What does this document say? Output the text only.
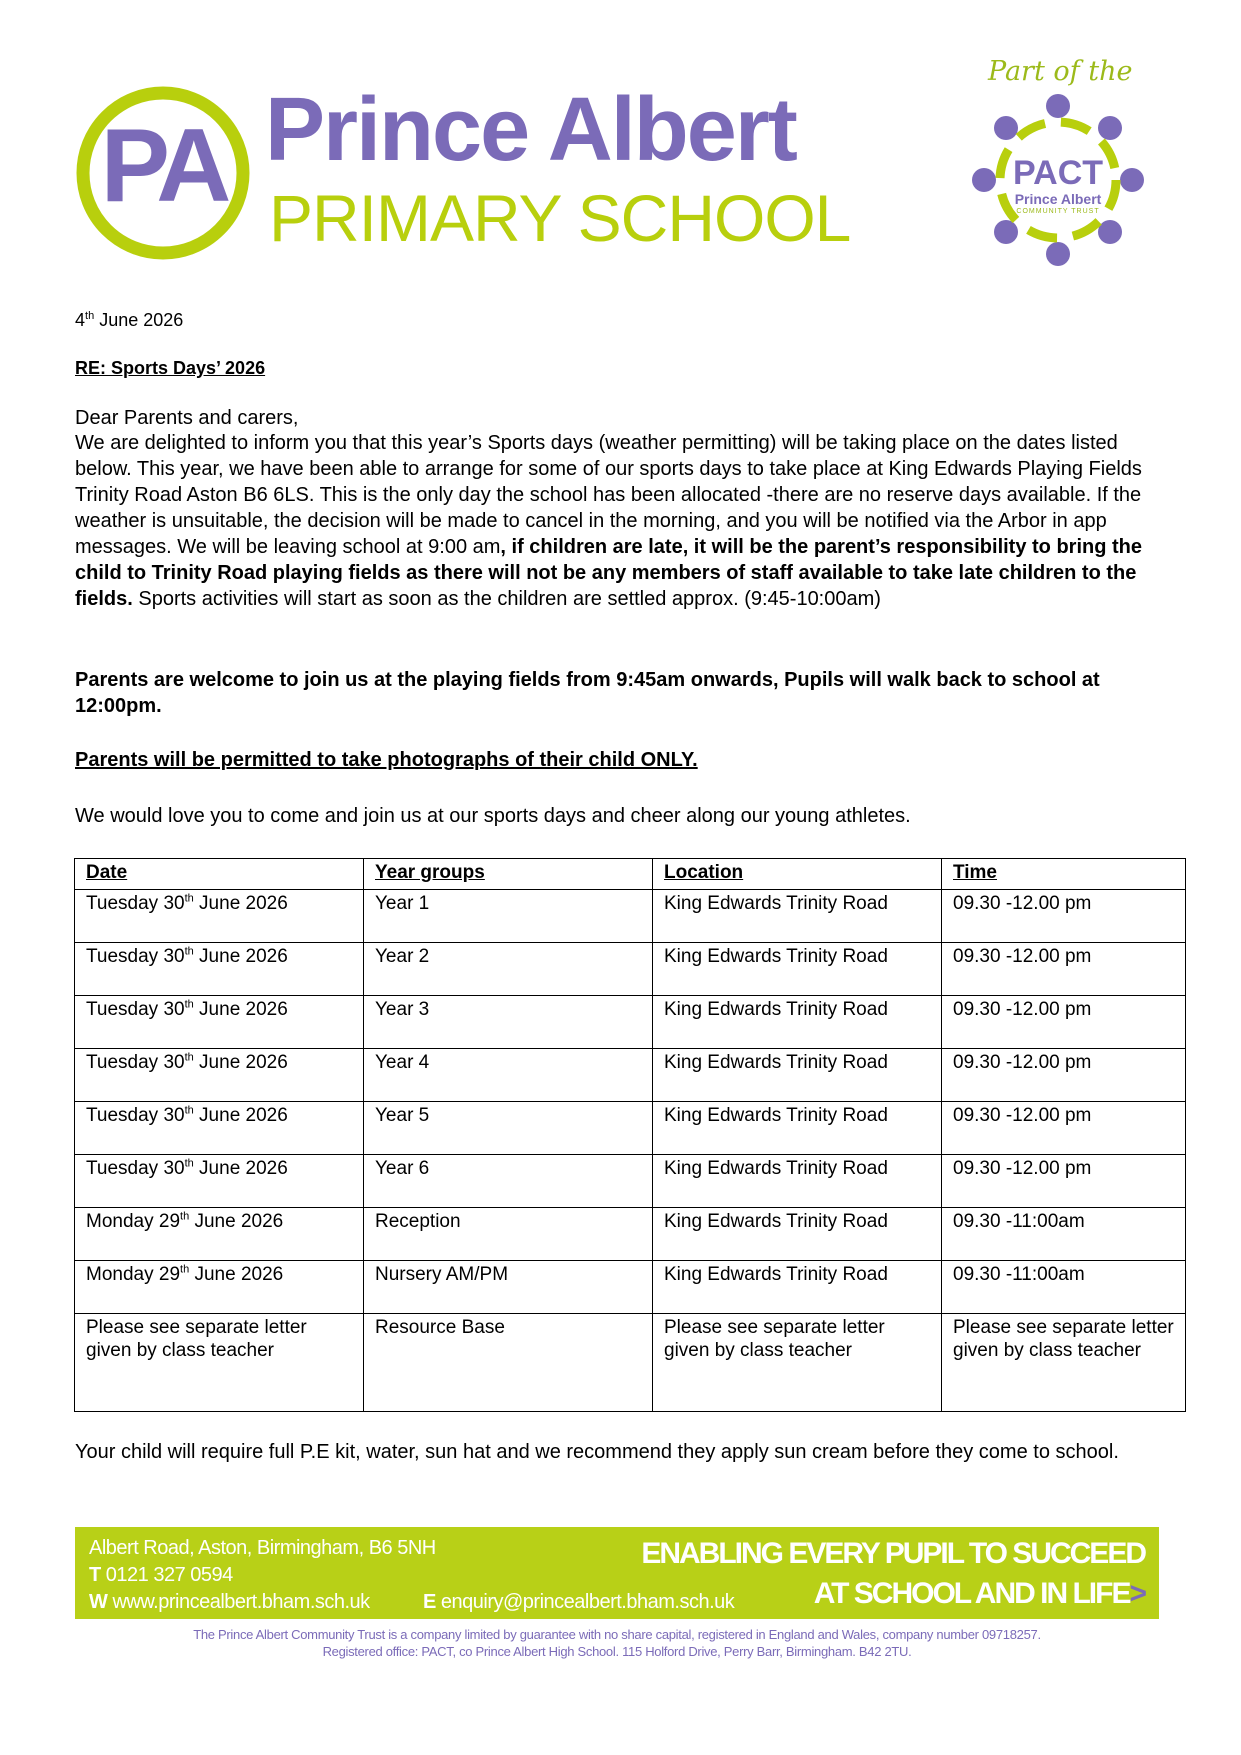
PA Prince Albert
PRIMARY SCHOOL
Part of the
PACT
Prince Albert
COMMUNITY TRUST
4th June 2026
RE: Sports Days’ 2026
Dear Parents and carers,
We are delighted to inform you that this year’s Sports days (weather permitting) will be taking place on the dates listed below. This year, we have been able to arrange for some of our sports days to take place at King Edwards Playing Fields Trinity Road Aston B6 6LS. This is the only day the school has been allocated -there are no reserve days available. If the weather is unsuitable, the decision will be made to cancel in the morning, and you will be notified via the Arbor in app messages. We will be leaving school at 9:00 am, if children are late, it will be the parent’s responsibility to bring the child to Trinity Road playing fields as there will not be any members of staff available to take late children to the fields. Sports activities will start as soon as the children are settled approx. (9:45-10:00am)
Parents are welcome to join us at the playing fields from 9:45am onwards, Pupils will walk back to school at 12:00pm.
Parents will be permitted to take photographs of their child ONLY.
We would love you to come and join us at our sports days and cheer along our young athletes.
Date	Year groups	Location	Time
Tuesday 30th June 2026	Year 1	King Edwards Trinity Road	09.30 -12.00 pm
Tuesday 30th June 2026	Year 2	King Edwards Trinity Road	09.30 -12.00 pm
Tuesday 30th June 2026	Year 3	King Edwards Trinity Road	09.30 -12.00 pm
Tuesday 30th June 2026	Year 4	King Edwards Trinity Road	09.30 -12.00 pm
Tuesday 30th June 2026	Year 5	King Edwards Trinity Road	09.30 -12.00 pm
Tuesday 30th June 2026	Year 6	King Edwards Trinity Road	09.30 -12.00 pm
Monday 29th June 2026	Reception	King Edwards Trinity Road	09.30 -11:00am
Monday 29th June 2026	Nursery AM/PM	King Edwards Trinity Road	09.30 -11:00am
Please see separate letter given by class teacher	Resource Base	Please see separate letter given by class teacher	Please see separate letter given by class teacher
Your child will require full P.E kit, water, sun hat and we recommend they apply sun cream before they come to school.
Albert Road, Aston, Birmingham, B6 5NH
T 0121 327 0594
W www.princealbert.bham.sch.uk	E enquiry@princealbert.bham.sch.uk
ENABLING EVERY PUPIL TO SUCCEED
AT SCHOOL AND IN LIFE>
The Prince Albert Community Trust is a company limited by guarantee with no share capital, registered in England and Wales, company number 09718257.
Registered office: PACT, co Prince Albert High School. 115 Holford Drive, Perry Barr, Birmingham. B42 2TU.
